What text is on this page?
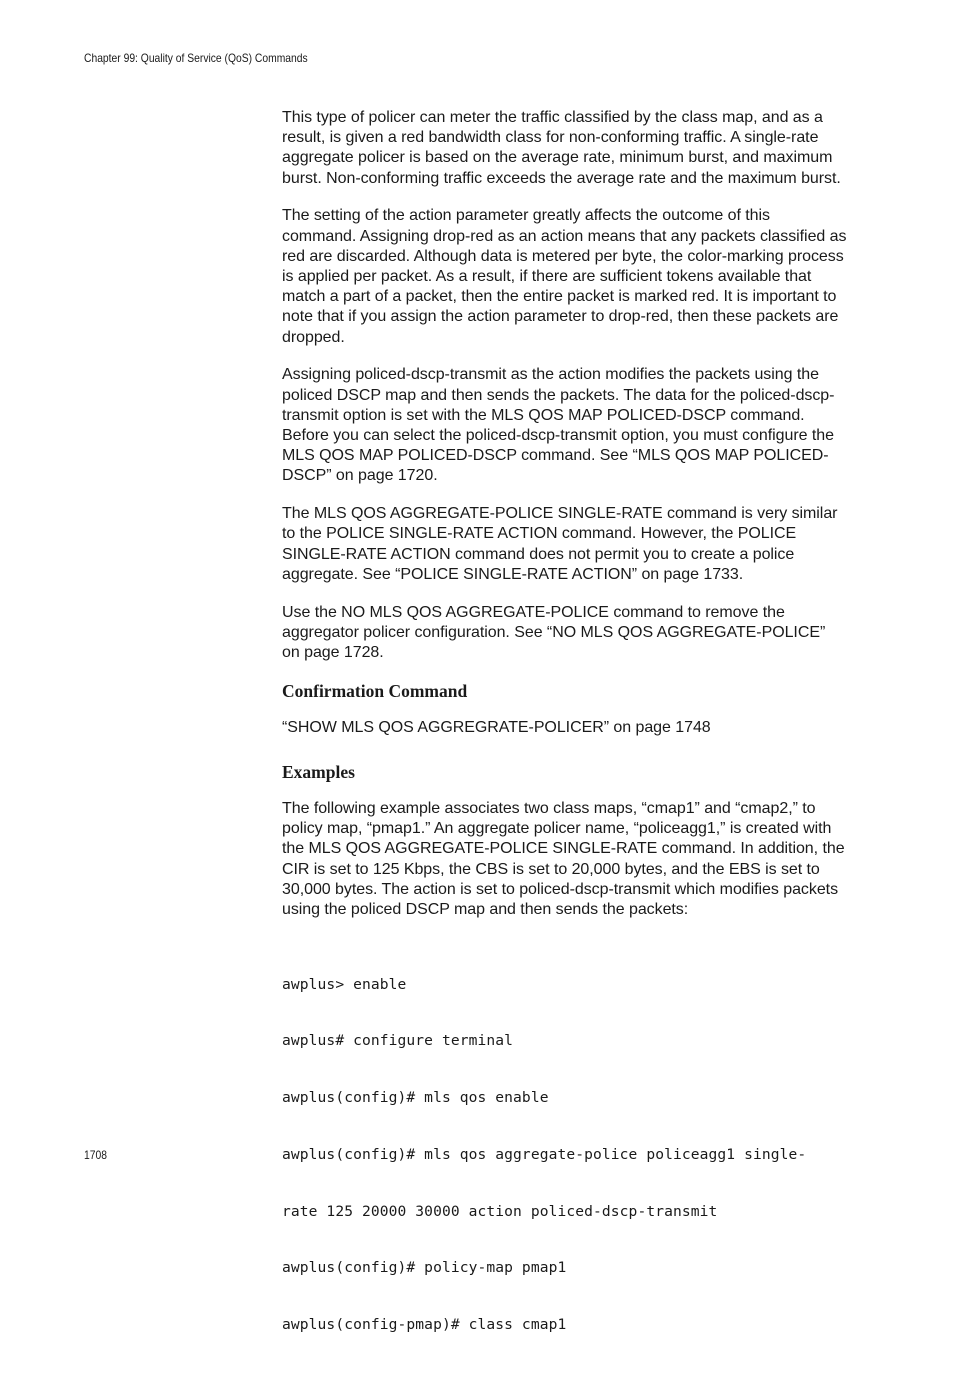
Chapter 99: Quality of Service (QoS) Commands

This type of policer can meter the traffic classified by the class map, and as a result, is given a red bandwidth class for non-conforming traffic. A single-rate aggregate policer is based on the average rate, minimum burst, and maximum burst. Non-conforming traffic exceeds the average rate and the maximum burst.

The setting of the action parameter greatly affects the outcome of this command. Assigning drop-red as an action means that any packets classified as red are discarded. Although data is metered per byte, the color-marking process is applied per packet. As a result, if there are sufficient tokens available that match a part of a packet, then the entire packet is marked red. It is important to note that if you assign the action parameter to drop-red, then these packets are dropped.

Assigning policed-dscp-transmit as the action modifies the packets using the policed DSCP map and then sends the packets. The data for the policed-dscp-transmit option is set with the MLS QOS MAP POLICED-DSCP command. Before you can select the policed-dscp-transmit option, you must configure the MLS QOS MAP POLICED-DSCP command. See “MLS QOS MAP POLICED-DSCP” on page 1720.

The MLS QOS AGGREGATE-POLICE SINGLE-RATE command is very similar to the POLICE SINGLE-RATE ACTION command. However, the POLICE SINGLE-RATE ACTION command does not permit you to create a police aggregate. See “POLICE SINGLE-RATE ACTION” on page 1733.

Use the NO MLS QOS AGGREGATE-POLICE command to remove the aggregator policer configuration. See “NO MLS QOS AGGREGATE-POLICE” on page 1728.

Confirmation Command

“SHOW MLS QOS AGGREGRATE-POLICER” on page 1748

Examples

The following example associates two class maps, “cmap1” and “cmap2,” to policy map, “pmap1.” An aggregate policer name, “policeagg1,” is created with the MLS QOS AGGREGATE-POLICE SINGLE-RATE command. In addition, the CIR is set to 125 Kbps, the CBS is set to 20,000 bytes, and the EBS is set to 30,000 bytes. The action is set to policed-dscp-transmit which modifies packets using the policed DSCP map and then sends the packets:

awplus> enable

awplus# configure terminal

awplus(config)# mls qos enable

awplus(config)# mls qos aggregate-police policeagg1 single-

rate 125 20000 30000 action policed-dscp-transmit

awplus(config)# policy-map pmap1

awplus(config-pmap)# class cmap1

1708
